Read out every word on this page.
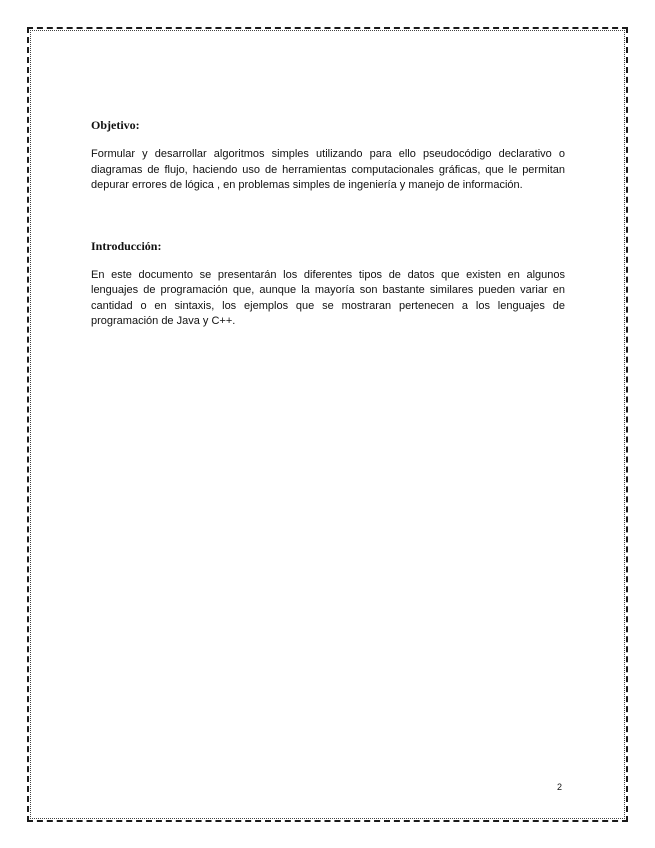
Objetivo:

Formular y desarrollar algoritmos simples utilizando para ello pseudocódigo declarativo o diagramas de flujo, haciendo uso de herramientas computacionales gráficas, que le permitan depurar errores de lógica , en problemas simples de ingeniería y manejo de información.

Introducción:

En este documento se presentarán los diferentes tipos de datos que existen en algunos lenguajes de programación que, aunque la mayoría son bastante similares pueden variar en cantidad o en sintaxis, los ejemplos que se mostraran pertenecen a los lenguajes de programación de Java y C++.

2
